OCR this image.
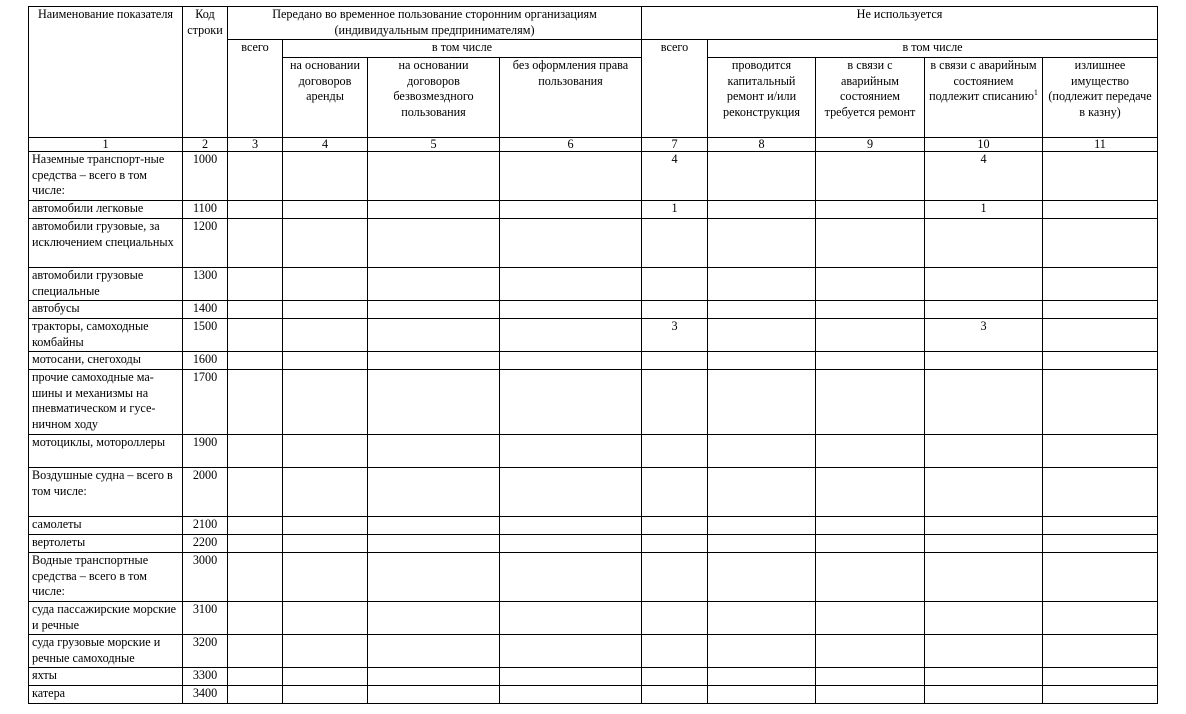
Наименование показателя	Код строки	Передано во временное пользование сторонним организациям (индивидуальным предпринимателям)				Не используется				
		всего	в том числе			всего	в том числе			
			на основании договоров аренды	на основании договоров безвозмездного пользования	без оформления права пользования		проводится капитальный ремонт и/или реконструкция	в связи с аварийным состоянием требуется ремонт	в связи с аварийным состоянием подлежит списанию$^1$	излишнее имущество (подлежит передаче в казну)
1	2	3	4	5	6	7	8	9	10	11
Наземные транспорт-ные средства – всего в том числе:	1000					4			4	
автомобили легковые	1100					1			1	
автомобили грузовые, за исключением специальных	1200									
автомобили грузовые специальные	1300									
автобусы	1400									
тракторы, самоходные комбайны	1500					3			3	
мотосани, снегоходы	1600									
прочие самоходные ма-шины и механизмы на пневматическом и гусе-ничном ходу	1700									
мотоциклы, мотороллеры	1900									
Воздушные судна – всего в том числе:	2000									
самолеты	2100									
вертолеты	2200									
Водные транспортные средства – всего в том числе:	3000									
суда пассажирские морские и речные	3100									
суда грузовые морские и речные самоходные	3200									
яхты	3300									
катера	3400									
